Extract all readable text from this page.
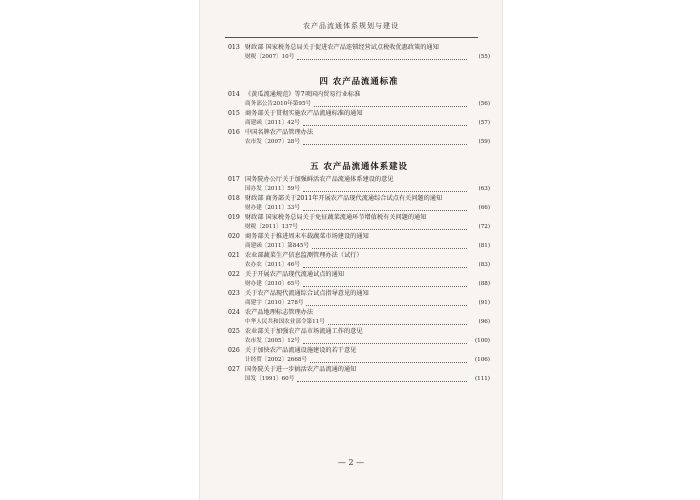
农产品流通体系规划与建设
013 财政部 国家税务总局关于促进农产品连锁经营试点税收优惠政策的通知
财税〔2007〕10号	(55)
四 农产品流通标准
014 《黄瓜流通规范》等7项国内贸易行业标准
商务部公告2010年第95号	(56)
015 商务部关于贯彻实施农产品流通标准的通知
商建函〔2011〕42号	(57)
016 中国名牌农产品管理办法
农市发〔2007〕28号	(59)
五 农产品流通体系建设
017 国务院办公厅关于加强鲜活农产品流通体系建设的意见
国办发〔2011〕59号	(63)
018 财政部 商务部关于2011年开展农产品现代流通综合试点有关问题的通知
财办建〔2011〕33号	(66)
019 财政部 国家税务总局关于免征蔬菜流通环节增值税有关问题的通知
财税〔2011〕137号	(72)
020 商务部关于推进周末车载蔬菜市场建设的通知
商建函〔2011〕第845号	(81)
021 农业部蔬菜生产信息监测管理办法（试行）
农办农〔2011〕46号	(83)
022 关于开展农产品现代流通试点的通知
财办建〔2010〕65号	(88)
023 关于农产品现代流通综合试点指导意见的通知
商建字〔2010〕278号	(91)
024 农产品地理标志管理办法
中华人民共和国农业部令第11号	(96)
025 农业部关于加强农产品市场流通工作的意见
农市发〔2005〕12号	(100)
026 关于加快农产品流通设施建设的若干意见
计经贸〔2002〕2668号	(106)
027 国务院关于进一步搞活农产品流通的通知
国发〔1991〕60号	(111)
— 2 —
